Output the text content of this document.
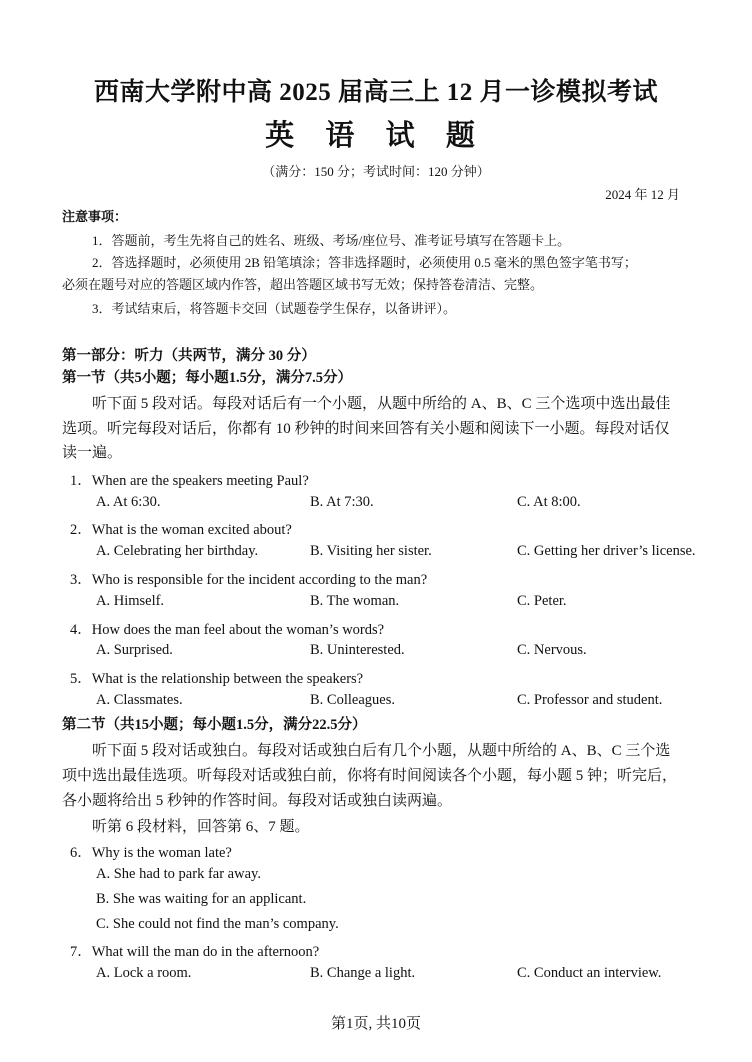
西南大学附中高 2025 届高三上 12 月一诊模拟考试
英 语 试 题
（满分：150 分；考试时间：120 分钟）
2024 年 12 月
注意事项：
1．答题前，考生先将自己的姓名、班级、考场/座位号、准考证号填写在答题卡上。
2．答选择题时，必须使用 2B 铅笔填涂；答非选择题时，必须使用 0.5 毫米的黑色签字笔书写；
必须在题号对应的答题区域内作答，超出答题区域书写无效；保持答卷清洁、完整。
3．考试结束后，将答题卡交回（试题卷学生保存，以备讲评）。
第一部分：听力（共两节，满分 30 分）
第一节（共5小题；每小题1.5分，满分7.5分）
听下面 5 段对话。每段对话后有一个小题，从题中所给的 A、B、C 三个选项中选出最佳
选项。听完每段对话后，你都有 10 秒钟的时间来回答有关小题和阅读下一小题。每段对话仅
读一遍。
1．When are the speakers meeting Paul?
A. At 6:30.	B. At 7:30.	C. At 8:00.
2．What is the woman excited about?
A. Celebrating her birthday.	B. Visiting her sister.	C. Getting her driver’s license.
3．Who is responsible for the incident according to the man?
A. Himself.	B. The woman.	C. Peter.
4．How does the man feel about the woman’s words?
A. Surprised.	B. Uninterested.	C. Nervous.
5．What is the relationship between the speakers?
A. Classmates.	B. Colleagues.	C. Professor and student.
第二节（共15小题；每小题1.5分，满分22.5分）
听下面 5 段对话或独白。每段对话或独白后有几个小题，从题中所给的 A、B、C 三个选
项中选出最佳选项。听每段对话或独白前，你将有时间阅读各个小题，每小题 5 钟；听完后，
各小题将给出 5 秒钟的作答时间。每段对话或独白读两遍。
听第 6 段材料，回答第 6、7 题。
6．Why is the woman late?
A. She had to park far away.
B. She was waiting for an applicant.
C. She could not find the man’s company.
7．What will the man do in the afternoon?
A. Lock a room.	B. Change a light.	C. Conduct an interview.
第1页, 共10页
